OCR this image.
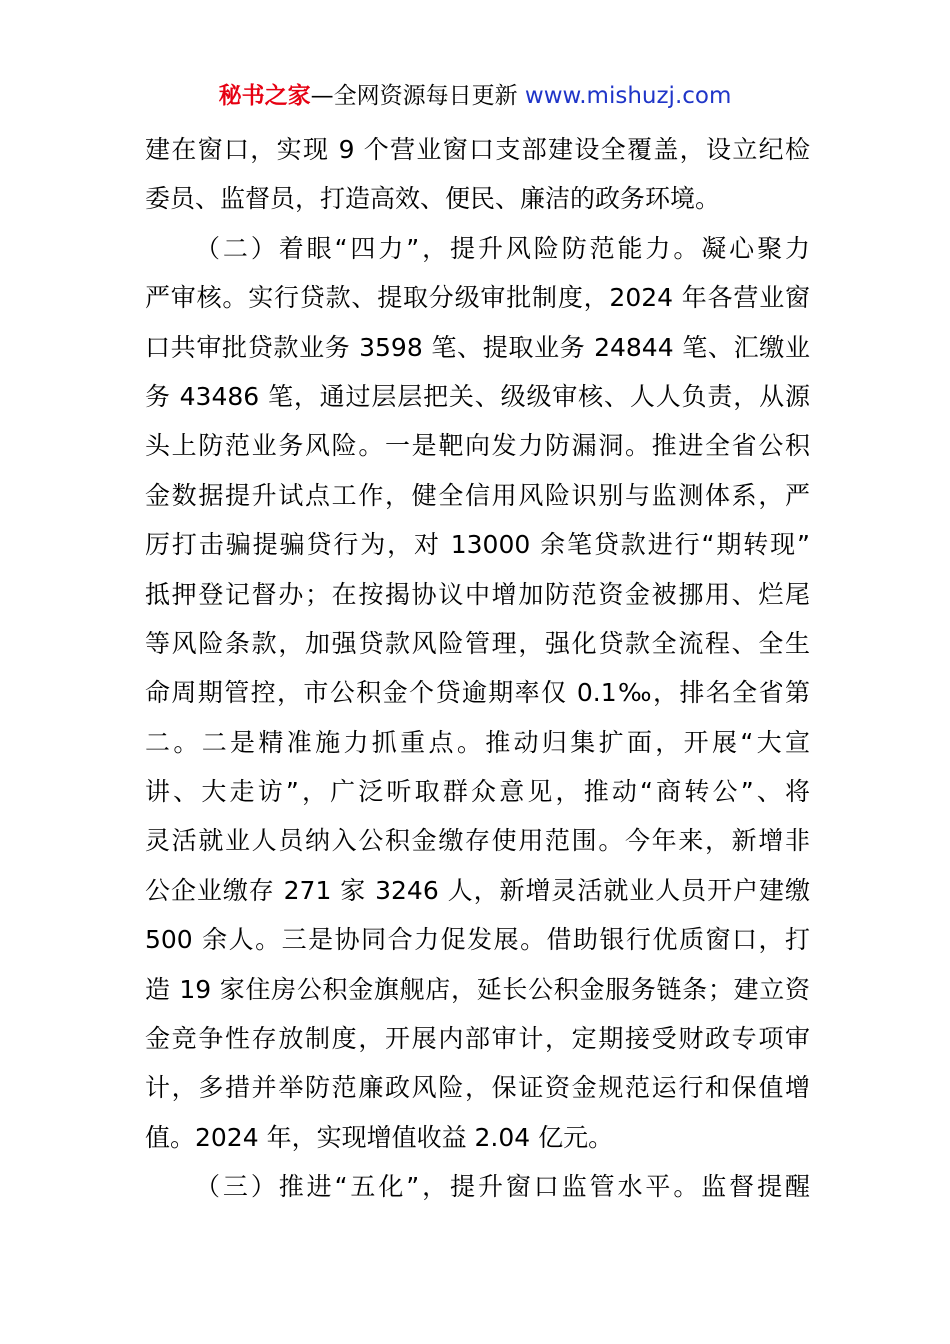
秘书之家—全网资源每日更新 www.mishuzj.com
建在窗口，实现 9 个营业窗口支部建设全覆盖，设立纪检
委员、监督员，打造高效、便民、廉洁的政务环境。
（二）着眼“四力”，提升风险防范能力。凝心聚力
严审核。实行贷款、提取分级审批制度，2024 年各营业窗
口共审批贷款业务 3598 笔、提取业务 24844 笔、汇缴业
务 43486 笔，通过层层把关、级级审核、人人负责，从源
头上防范业务风险。一是靶向发力防漏洞。推进全省公积
金数据提升试点工作，健全信用风险识别与监测体系，严
厉打击骗提骗贷行为，对 13000 余笔贷款进行“期转现”
抵押登记督办；在按揭协议中增加防范资金被挪用、烂尾
等风险条款，加强贷款风险管理，强化贷款全流程、全生
命周期管控，市公积金个贷逾期率仅 0.1‰，排名全省第
二。二是精准施力抓重点。推动归集扩面，开展“大宣
讲、大走访”，广泛听取群众意见，推动“商转公”、将
灵活就业人员纳入公积金缴存使用范围。今年来，新增非
公企业缴存 271 家 3246 人，新增灵活就业人员开户建缴
500 余人。三是协同合力促发展。借助银行优质窗口，打
造 19 家住房公积金旗舰店，延长公积金服务链条；建立资
金竞争性存放制度，开展内部审计，定期接受财政专项审
计，多措并举防范廉政风险，保证资金规范运行和保值增
值。2024 年，实现增值收益 2.04 亿元。
（三）推进“五化”，提升窗口监管水平。监督提醒
